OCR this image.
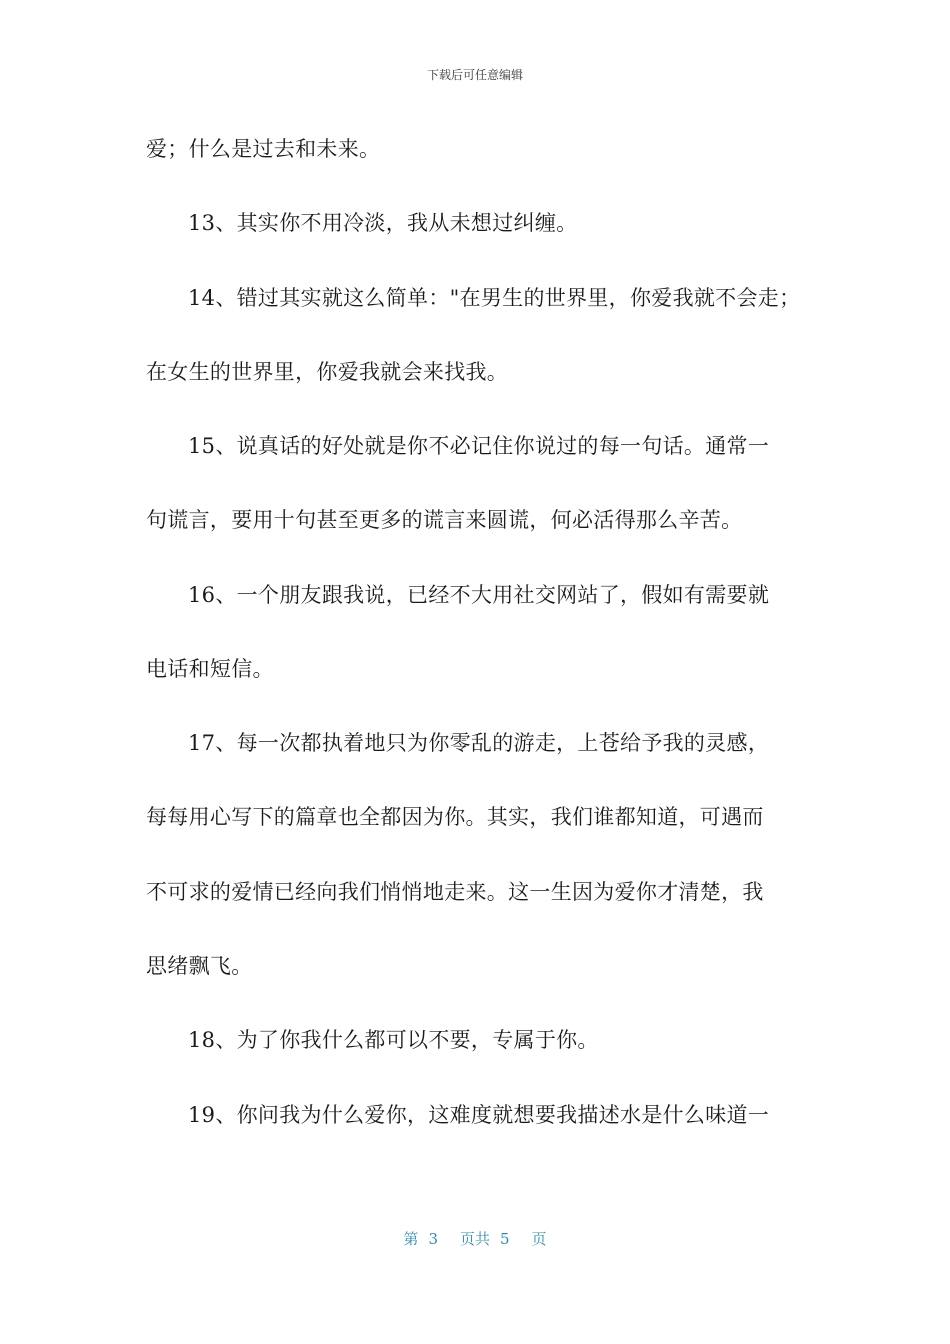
下载后可任意编辑
爱；什么是过去和未来。
13、其实你不用冷淡，我从未想过纠缠。
14、错过其实就这么简单："在男生的世界里，你爱我就不会走；
在女生的世界里，你爱我就会来找我。
15、说真话的好处就是你不必记住你说过的每一句话。通常一
句谎言，要用十句甚至更多的谎言来圆谎，何必活得那么辛苦。
16、一个朋友跟我说，已经不大用社交网站了，假如有需要就
电话和短信。
17、每一次都执着地只为你零乱的游走，上苍给予我的灵感，
每每用心写下的篇章也全都因为你。其实，我们谁都知道，可遇而
不可求的爱情已经向我们悄悄地走来。这一生因为爱你才清楚，我
思绪飘飞。
18、为了你我什么都可以不要，专属于你。
19、你问我为什么爱你，这难度就想要我描述水是什么味道一
第 3 页共 5 页
